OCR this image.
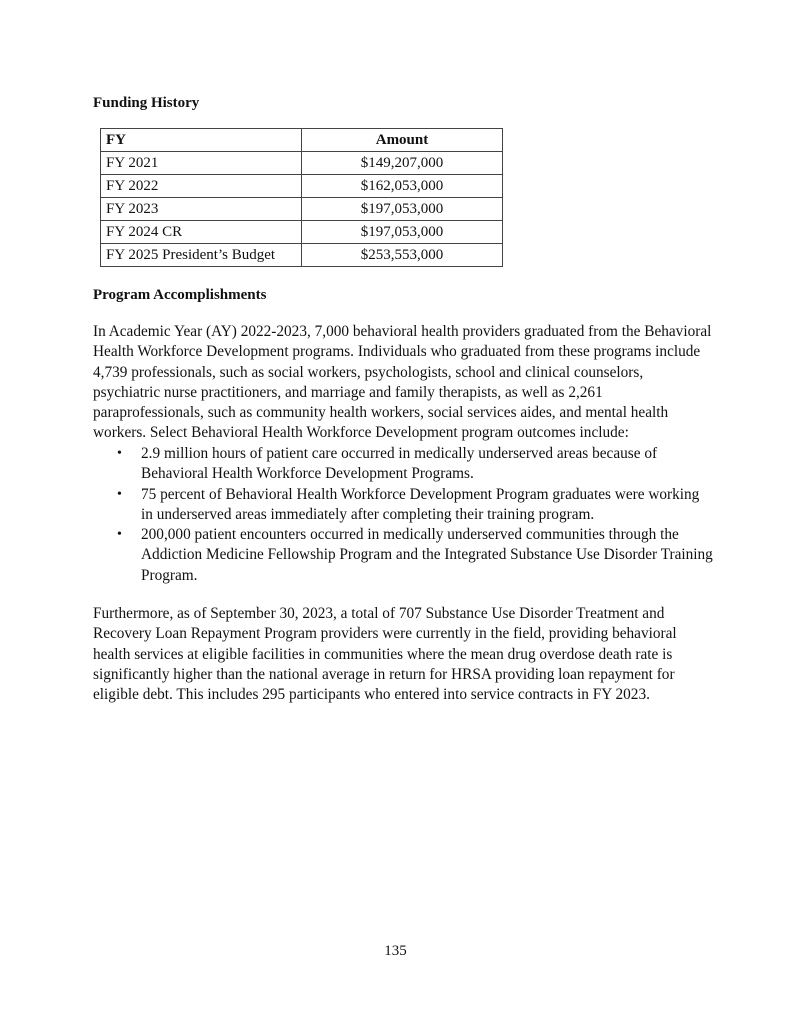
Funding History
FY	Amount
FY 2021	$149,207,000
FY 2022	$162,053,000
FY 2023	$197,053,000
FY 2024 CR	$197,053,000
FY 2025 President’s Budget	$253,553,000
Program Accomplishments

In Academic Year (AY) 2022-2023, 7,000 behavioral health providers graduated from the Behavioral Health Workforce Development programs. Individuals who graduated from these programs include 4,739 professionals, such as social workers, psychologists, school and clinical counselors, psychiatric nurse practitioners, and marriage and family therapists, as well as 2,261 paraprofessionals, such as community health workers, social services aides, and mental health workers. Select Behavioral Health Workforce Development program outcomes include:

• 2.9 million hours of patient care occurred in medically underserved areas because of Behavioral Health Workforce Development Programs.
• 75 percent of Behavioral Health Workforce Development Program graduates were working in underserved areas immediately after completing their training program.
• 200,000 patient encounters occurred in medically underserved communities through the Addiction Medicine Fellowship Program and the Integrated Substance Use Disorder Training Program.

Furthermore, as of September 30, 2023, a total of 707 Substance Use Disorder Treatment and Recovery Loan Repayment Program providers were currently in the field, providing behavioral health services at eligible facilities in communities where the mean drug overdose death rate is significantly higher than the national average in return for HRSA providing loan repayment for eligible debt. This includes 295 participants who entered into service contracts in FY 2023.

135
